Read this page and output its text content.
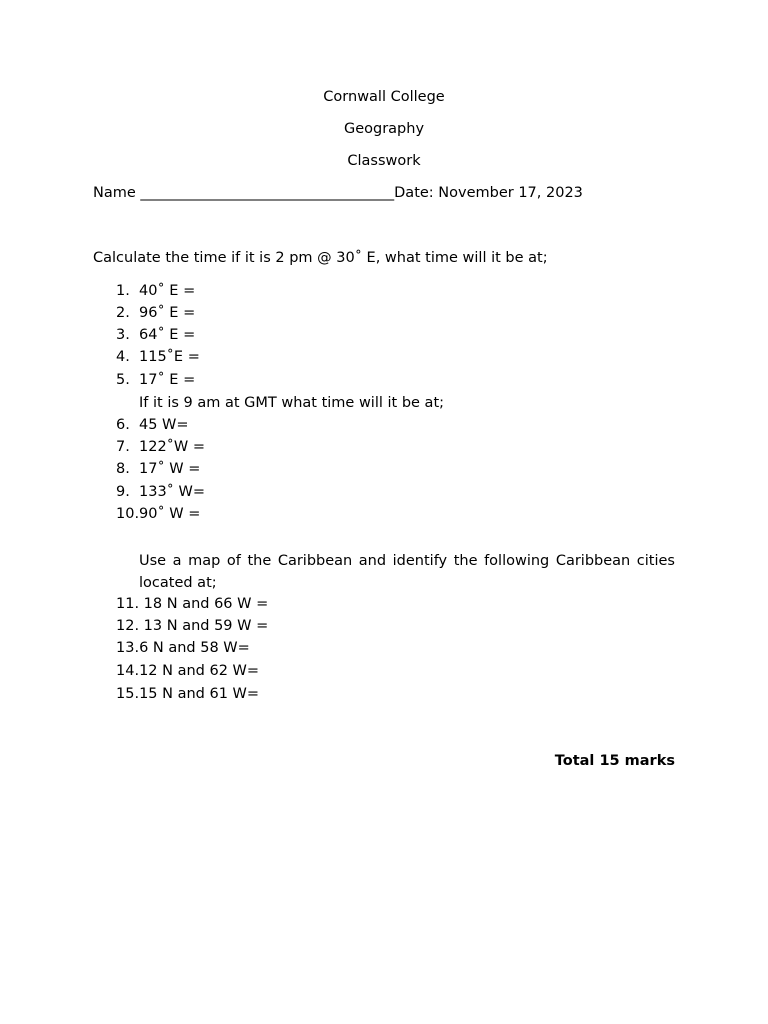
Cornwall College
Geography
Classwork
Name ___________________________________Date: November 17, 2023
Calculate the time if it is 2 pm @ 30˚ E, what time will it be at;
1. 40˚ E =
2. 96˚ E =
3. 64˚ E =
4. 115˚E =
5. 17˚ E =
If it is 9 am at GMT what time will it be at;
6. 45 W=
7. 122˚W =
8. 17˚ W =
9. 133˚ W=
10.90˚ W =
Use a map of the Caribbean and identify the following Caribbean cities located at;
11. 18 N and 66 W =
12. 13 N and 59 W =
13.6 N and 58 W=
14.12 N and 62 W=
15.15 N and 61 W=
Total 15 marks
